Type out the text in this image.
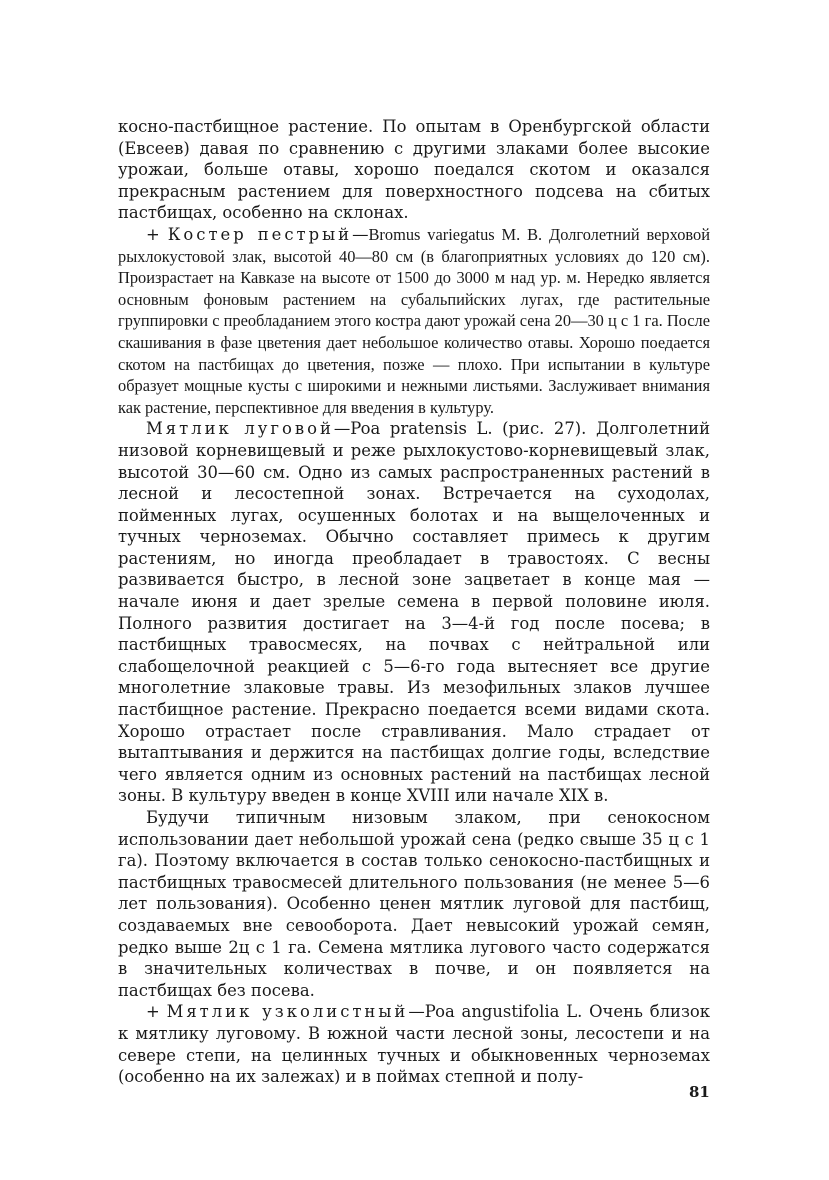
косно-пастбищное растение. По опытам в Оренбургской области (Евсеев) давая по сравнению с другими злаками более высокие урожаи, больше отавы, хорошо поедался скотом и оказался прекрасным растением для поверхностного подсева на сбитых пастбищах, особенно на склонах.

+ Костер пестрый—Bromus variegatus M. B. Долголетний верховой рыхлокустовой злак, высотой 40—80 см (в благоприятных условиях до 120 см). Произрастает на Кавказе на высоте от 1500 до 3000 м над ур. м. Нередко является основным фоновым растением на субальпийских лугах, где растительные группировки с преобладанием этого костра дают урожай сена 20—30 ц с 1 га. После скашивания в фазе цветения дает небольшое количество отавы. Хорошо поедается скотом на пастбищах до цветения, позже — плохо. При испытании в культуре образует мощные кусты с широкими и нежными листьями. Заслуживает внимания как растение, перспективное для введения в культуру.

Мятлик луговой—Poa pratensis L. (рис. 27). Долголетний низовой корневищевый и реже рыхлокустово-корневищевый злак, высотой 30—60 см. Одно из самых распространенных растений в лесной и лесостепной зонах. Встречается на суходолах, пойменных лугах, осушенных болотах и на выщелоченных и тучных черноземах. Обычно составляет примесь к другим растениям, но иногда преобладает в травостоях. С весны развивается быстро, в лесной зоне зацветает в конце мая — начале июня и дает зрелые семена в первой половине июля. Полного развития достигает на 3—4-й год после посева; в пастбищных травосмесях, на почвах с нейтральной или слабощелочной реакцией с 5—6-го года вытесняет все другие многолетние злаковые травы. Из мезофильных злаков лучшее пастбищное растение. Прекрасно поедается всеми видами скота. Хорошо отрастает после стравливания. Мало страдает от вытаптывания и держится на пастбищах долгие годы, вследствие чего является одним из основных растений на пастбищах лесной зоны. В культуру введен в конце XVIII или начале XIX в.

Будучи типичным низовым злаком, при сенокосном использовании дает небольшой урожай сена (редко свыше 35 ц с 1 га). Поэтому включается в состав только сенокосно-пастбищных и пастбищных травосмесей длительного пользования (не менее 5—6 лет пользования). Особенно ценен мятлик луговой для пастбищ, создаваемых вне севооборота. Дает невысокий урожай семян, редко выше 2ц с 1 га. Семена мятлика лугового часто содержатся в значительных количествах в почве, и он появляется на пастбищах без посева.

+ Мятлик узколистный—Poa angustifolia L. Очень близок к мятлику луговому. В южной части лесной зоны, лесостепи и на севере степи, на целинных тучных и обыкновенных черноземах (особенно на их залежах) и в поймах степной и полу-

81
